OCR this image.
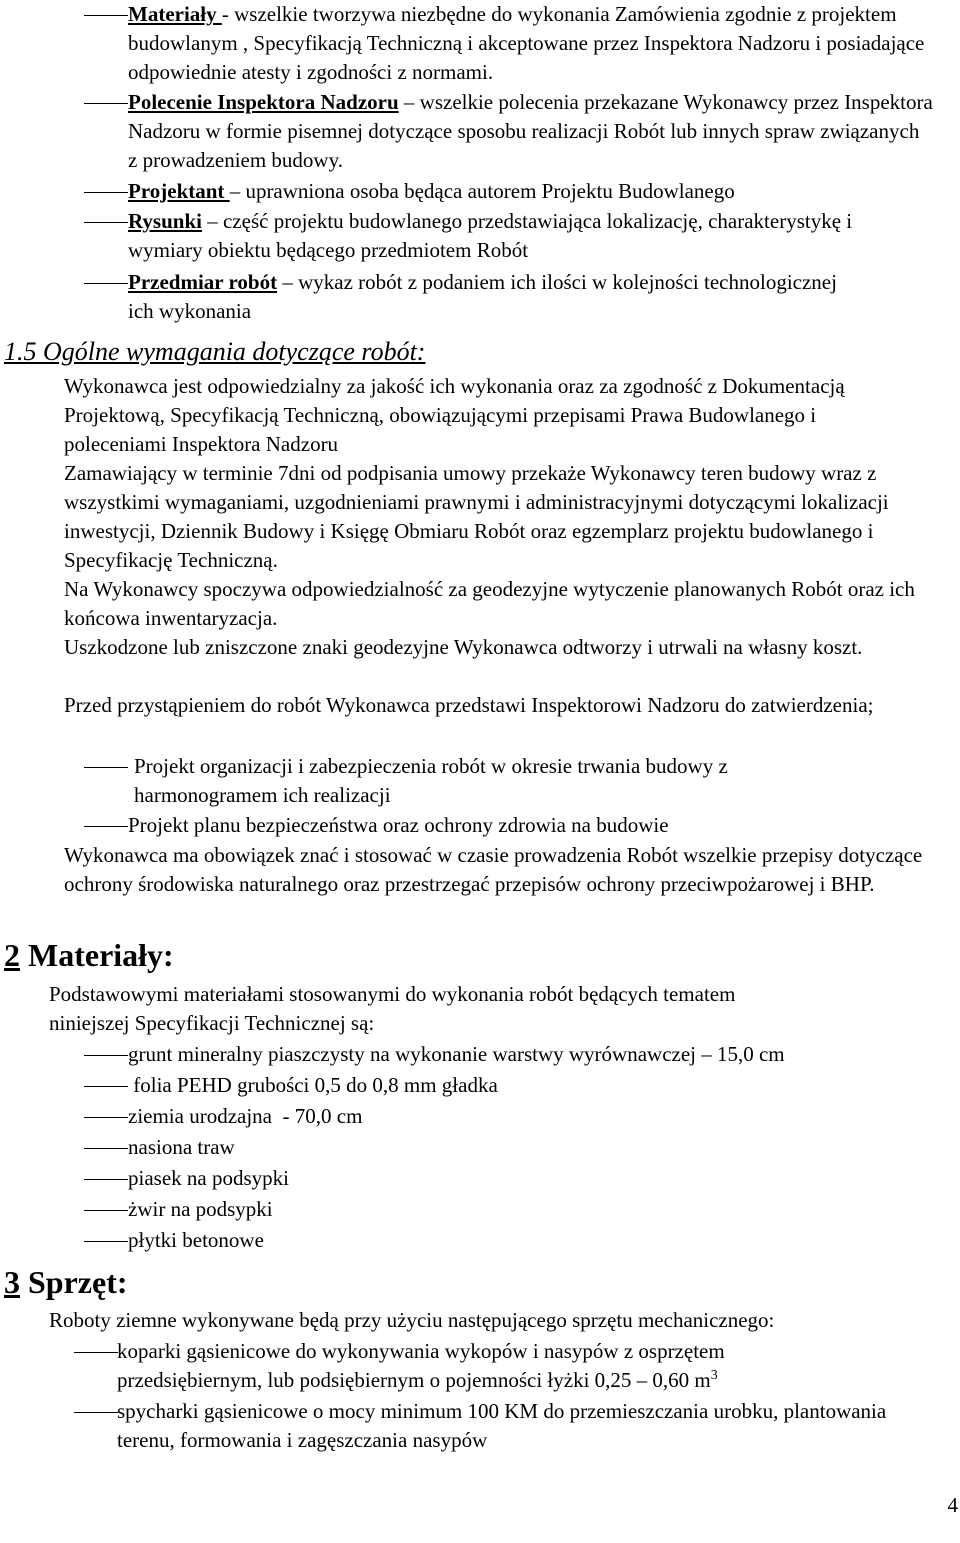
Materiały - wszelkie tworzywa niezbędne do wykonania Zamówienia zgodnie z projektem budowlanym , Specyfikacją Techniczną i akceptowane przez Inspektora Nadzoru i posiadające odpowiednie atesty i zgodności z normami.
Polecenie Inspektora Nadzoru – wszelkie polecenia przekazane Wykonawcy przez Inspektora Nadzoru w formie pisemnej dotyczące sposobu realizacji Robót lub innych spraw związanych z prowadzeniem budowy.
Projektant – uprawniona osoba będąca autorem Projektu Budowlanego
Rysunki – część projektu budowlanego przedstawiająca lokalizację, charakterystykę i wymiary obiektu będącego przedmiotem Robót
Przedmiar robót – wykaz robót z podaniem ich ilości w kolejności technologicznej ich wykonania
1.5 Ogólne wymagania dotyczące robót:
Wykonawca jest odpowiedzialny za jakość ich wykonania oraz za zgodność z Dokumentacją Projektową, Specyfikacją Techniczną, obowiązującymi przepisami Prawa Budowlanego i poleceniami Inspektora Nadzoru
Zamawiający w terminie 7dni od podpisania umowy przekaże Wykonawcy teren budowy wraz z wszystkimi wymaganiami, uzgodnieniami prawnymi i administracyjnymi dotyczącymi lokalizacji inwestycji, Dziennik Budowy i Księgę Obmiaru Robót oraz egzemplarz projektu budowlanego i Specyfikację Techniczną.
Na Wykonawcy spoczywa odpowiedzialność za geodezyjne wytyczenie planowanych Robót oraz ich końcowa inwentaryzacja.
Uszkodzone lub zniszczone znaki geodezyjne Wykonawca odtworzy i utrwali na własny koszt.
Przed przystąpieniem do robót Wykonawca przedstawi Inspektorowi Nadzoru do zatwierdzenia;
Projekt organizacji i zabezpieczenia robót w okresie trwania budowy z harmonogramem ich realizacji
Projekt planu bezpieczeństwa oraz ochrony zdrowia na budowie
Wykonawca ma obowiązek znać i stosować w czasie prowadzenia Robót wszelkie przepisy dotyczące ochrony środowiska naturalnego oraz przestrzegać przepisów ochrony przeciwpożarowej i BHP.
2 Materiały:
Podstawowymi materiałami stosowanymi do wykonania robót będących tematem niniejszej Specyfikacji Technicznej są:
grunt mineralny piaszczysty na wykonanie warstwy wyrównawczej – 15,0 cm
folia PEHD grubości 0,5 do 0,8 mm gładka
ziemia urodzajna  - 70,0 cm
nasiona traw
piasek na podsypki
żwir na podsypki
płytki betonowe
3 Sprzęt:
Roboty ziemne wykonywane będą przy użyciu następującego sprzętu mechanicznego:
koparki gąsienicowe do wykonywania wykopów i nasypów z osprzętem przedsiębiernym, lub podsiębiernym o pojemności łyżki 0,25 – 0,60 $m^3$
spycharki gąsienicowe o mocy minimum 100 KM do przemieszczania urobku, plantowania terenu, formowania i zagęszczania nasypów
4
